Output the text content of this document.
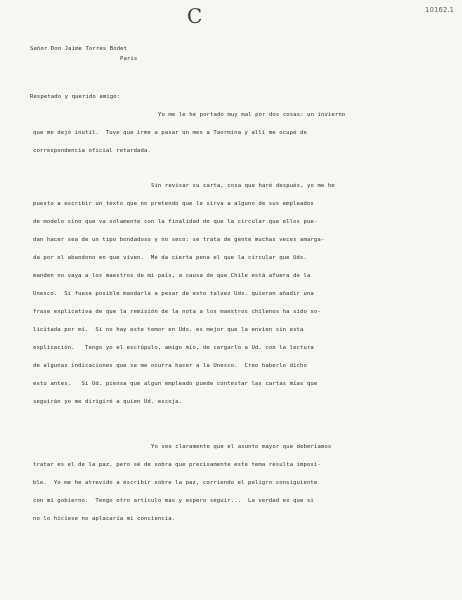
C	10162.1

Señor Don Jaime Torres Bodet

Paris

Respetado y querido amigo:

Yo me le he portado muy mal por dos cosas: un invierno

que me dejó inutil.  Tuve que irme a pasar un mes a Taormina y allí me ocupé de

correspondencia oficial retardada.

Sin revisar su carta, cosa que haré después, yo me he

puesto a escribir un texto que no pretendo que le sirva a alguno de sus empleados

de modelo sino que va solamente con la finalidad de que la circular que ellos pue-

dan hacer sea de un tipo bondadoso y no seco: se trata de gente muchas veces amarga-

da por el abandono en que viven.  Me da cierta pena el que la circular que Uds.

manden no vaya a los maestros de mi país, a causa de que Chile está afuera de la

Unesco.  Si fuese posible mandarla a pesar de esto talvez Uds. quieran añadir una

frase explicativa de que la remisión de la nota a los maestros chilenos ha sido so-

licitada por mí.  Si no hay este temor en Uds. es mejor que la envien sin esta

explicación.   Tengo yo el escrúpulo, amigo mío, de cargarlo a Ud. con la lectura

de algunas indicaciones que se me ocurra hacer a la Unesco.  Creo haberlo dicho

esto antes.   Si Ud. piensa que algun empleado puede contestar las cartas mías que

seguirán yo me dirigiré a quien Ud. escoja.

Yo veo claramente que el asunto mayor que deberíamos

tratar es el de la paz, pero sé de sobra que precisamente este tema resulta imposi-

ble.  Yo me he atrevido a escribir sobre la paz, corriendo el peligro consiguiente

con mi gobierno.  Tengo otro artículo mas y espero seguir...  La verdad es que si

no lo hiciese no aplacaría mi conciencia.
